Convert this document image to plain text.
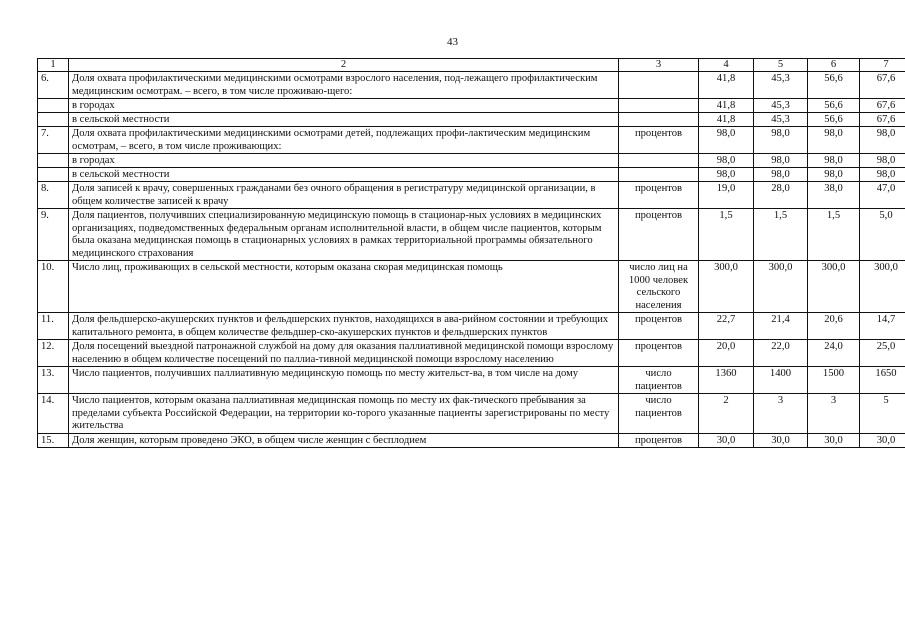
43
1	2	3	4	5	6	7
6.	Доля охвата профилактическими медицинскими осмотрами взрослого населения, под-лежащего профилактическим медицинским осмотрам. – всего, в том числе проживаю-щего:		41,8	45,3	56,6	67,6
	в городах		41,8	45,3	56,6	67,6
	в сельской местности		41,8	45,3	56,6	67,6
7.	Доля охвата профилактическими медицинскими осмотрами детей, подлежащих профи-лактическим медицинским осмотрам, – всего, в том числе проживающих:	процентов	98,0	98,0	98,0	98,0
	в городах		98,0	98,0	98,0	98,0
	в сельской местности		98,0	98,0	98,0	98,0
8.	Доля записей к врачу, совершенных гражданами без очного обращения в регистратуру медицинской организации, в общем количестве записей к врачу	процентов	19,0	28,0	38,0	47,0
9.	Доля пациентов, получивших специализированную медицинскую помощь в стационар-ных условиях в медицинских организациях, подведомственных федеральным органам исполнительной власти, в общем числе пациентов, которым была оказана медицинская помощь в стационарных условиях в рамках территориальной программы обязательного медицинского страхования	процентов	1,5	1,5	1,5	5,0
10.	Число лиц, проживающих в сельской местности, которым оказана скорая медицинская помощь	число лиц на 1000 человек сельского населения	300,0	300,0	300,0	300,0
11.	Доля фельдшерско-акушерских пунктов и фельдшерских пунктов, находящихся в ава-рийном состоянии и требующих капитального ремонта, в общем количестве фельдшер-ско-акушерских пунктов и фельдшерских пунктов	процентов	22,7	21,4	20,6	14,7
12.	Доля посещений выездной патронажной службой на дому для оказания паллиативной медицинской помощи взрослому населению в общем количестве посещений по паллиа-тивной медицинской помощи взрослому населению	процентов	20,0	22,0	24,0	25,0
13.	Число пациентов, получивших паллиативную медицинскую помощь по месту жительст-ва, в том числе на дому	число пациентов	1360	1400	1500	1650
14.	Число пациентов, которым оказана паллиативная медицинская помощь по месту их фак-тического пребывания за пределами субъекта Российской Федерации, на территории ко-торого указанные пациенты зарегистрированы по месту жительства	число пациентов	2	3	3	5
15.	Доля женщин, которым проведено ЭКО, в общем числе женщин с бесплодием	процентов	30,0	30,0	30,0	30,0
